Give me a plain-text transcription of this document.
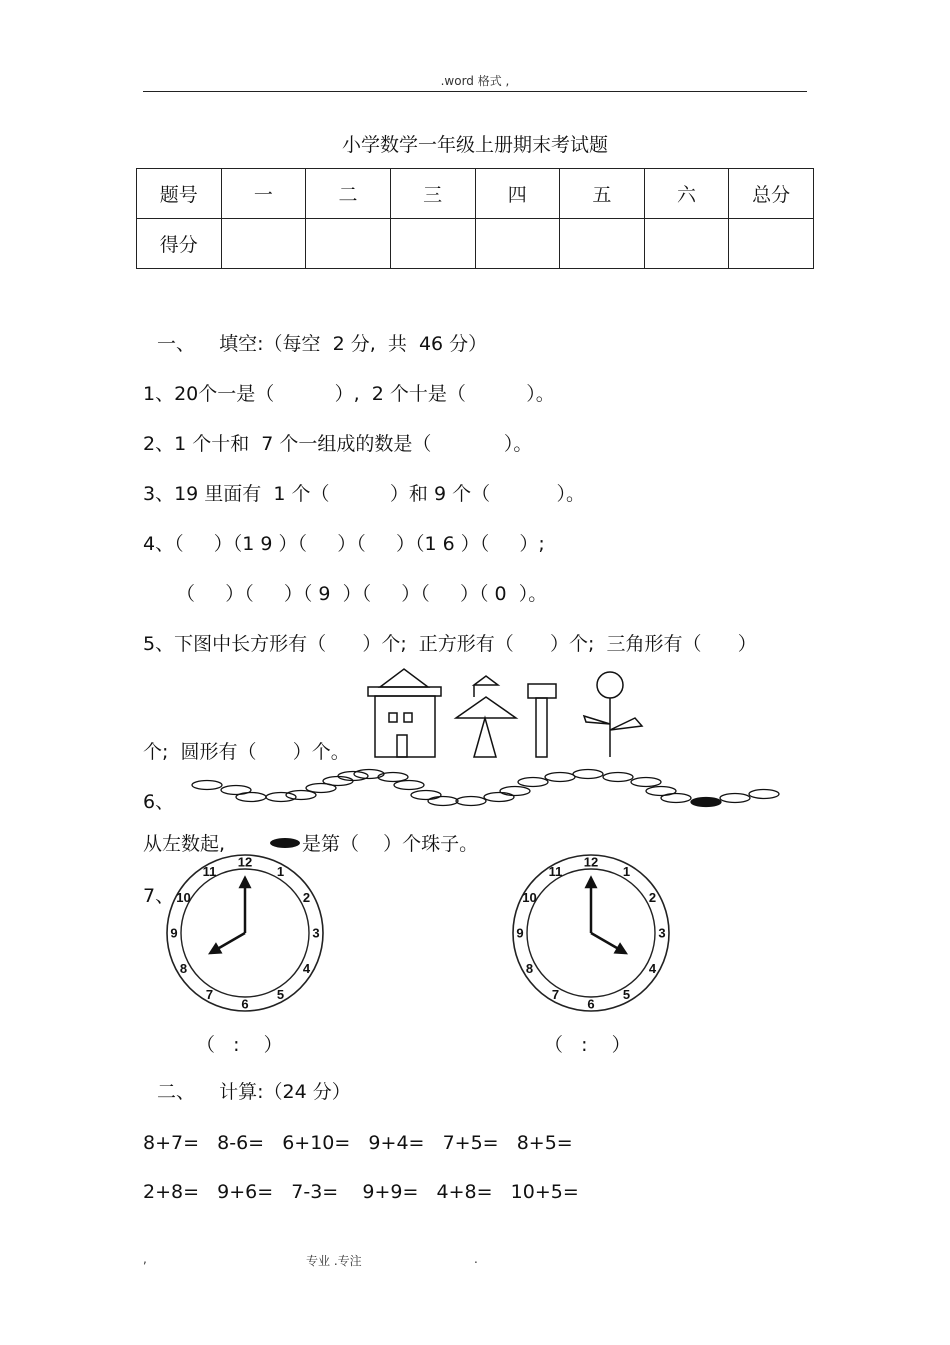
.word 格式 ,
小学数学一年级上册期末考试题
题号	一	二	三	四	五	六	总分
得分							
一、    填空:（每空  2 分,  共  46 分）
1、20个一是（          ）,  2 个十是（          ）。
2、1 个十和  7 个一组成的数是（            ）。
3、19 里面有  1 个（          ）和 9 个（           ）。
4、（     ）（1 9 ）（     ）（     ）（1 6 ）（     ）;
（     ）（     ）（ 9  ）（     ）（     ）（ 0  ）。
5、下图中长方形有（      ）个;  正方形有（      ）个;  三角形有（      ）
个;  圆形有（      ）个。
6、
从左数起,	是第（    ）个珠子。
7、
12
1
2
3
4
5
6
7
8
9
10
11
12
1
2
3
4
5
6
7
8
9
10
11
（   :    ）	（   :    ）
二、    计算:（24 分）
8+7=   8-6=   6+10=   9+4=   7+5=   8+5=
2+8=   9+6=   7-3=    9+9=   4+8=   10+5=
,	专业 .专注	.
